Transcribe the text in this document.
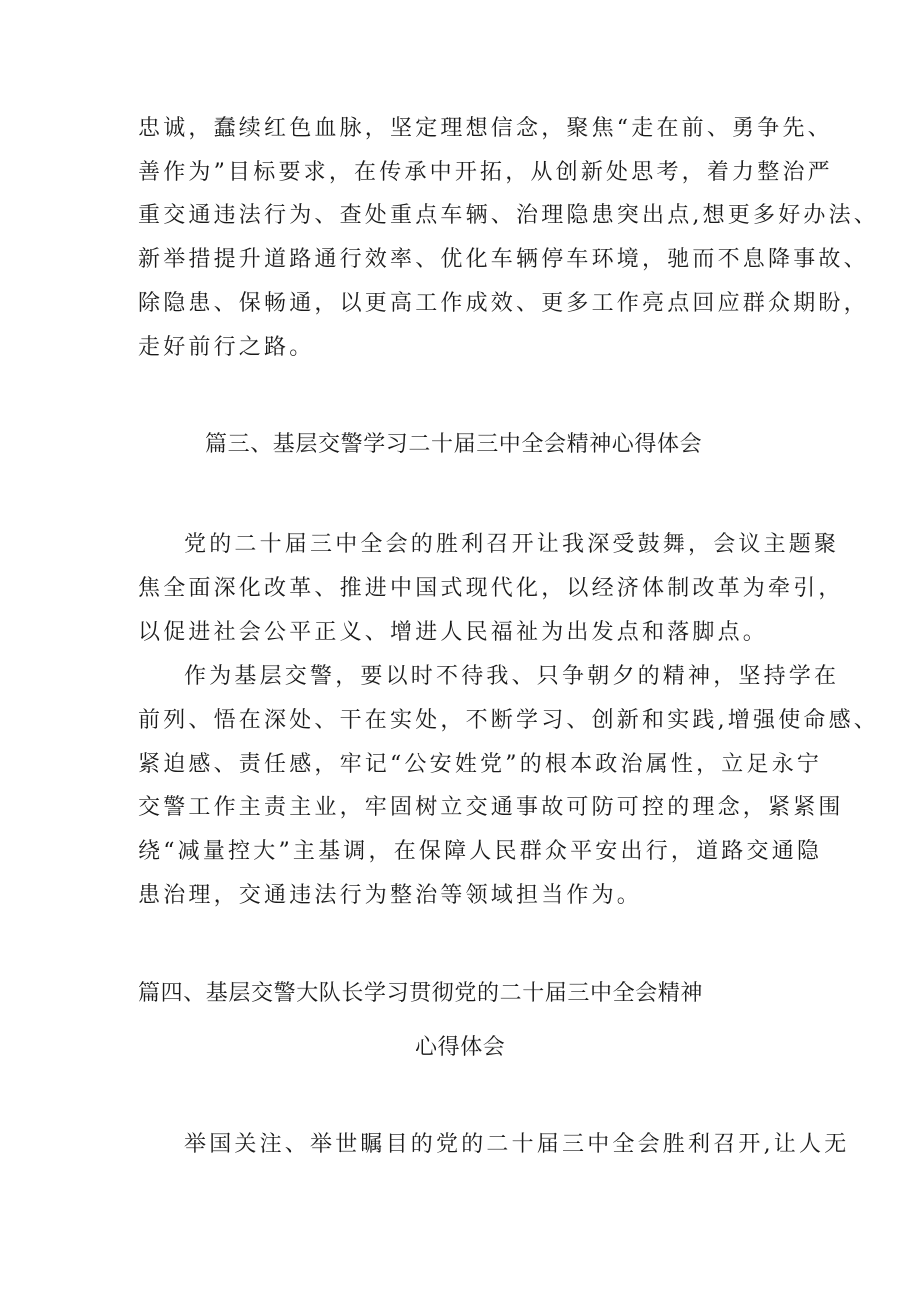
忠诚，蠢续红色血脉，坚定理想信念，聚焦“走在前、勇争先、
善作为”目标要求，在传承中开拓，从创新处思考，着力整治严
重交通违法行为、查处重点车辆、治理隐患突出点,想更多好办法、
新举措提升道路通行效率、优化车辆停车环境，驰而不息降事故、
除隐患、保畅通，以更高工作成效、更多工作亮点回应群众期盼，
走好前行之路。
篇三、基层交警学习二十届三中全会精神心得体会
党的二十届三中全会的胜利召开让我深受鼓舞，会议主题聚
焦全面深化改革、推进中国式现代化，以经济体制改革为牵引，
以促进社会公平正义、增进人民福祉为出发点和落脚点。
作为基层交警，要以时不待我、只争朝夕的精神，坚持学在
前列、悟在深处、干在实处，不断学习、创新和实践,增强使命感、
紧迫感、责任感，牢记“公安姓党”的根本政治属性，立足永宁
交警工作主责主业，牢固树立交通事故可防可控的理念，紧紧围
绕“减量控大”主基调，在保障人民群众平安出行，道路交通隐
患治理，交通违法行为整治等领域担当作为。
篇四、基层交警大队长学习贯彻党的二十届三中全会精神
心得体会
举国关注、举世瞩目的党的二十届三中全会胜利召开,让人无
